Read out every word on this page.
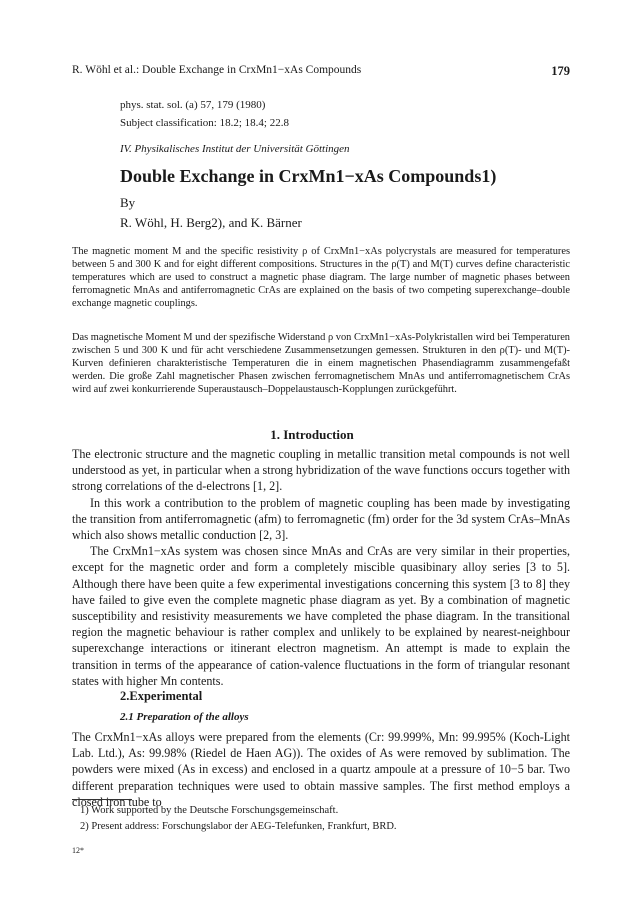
R. Wöhl et al.: Double Exchange in CrxMn1−xAs Compounds	179
phys. stat. sol. (a) 57, 179 (1980)
Subject classification: 18.2; 18.4; 22.8
IV. Physikalisches Institut der Universität Göttingen
Double Exchange in CrxMn1−xAs Compounds1)
By
R. Wöhl, H. Berg2), and K. Bärner

The magnetic moment M and the specific resistivity ρ of CrxMn1−xAs polycrystals are measured for temperatures between 5 and 300 K and for eight different compositions. Structures in the ρ(T) and M(T) curves define characteristic temperatures which are used to construct a magnetic phase diagram. The large number of magnetic phases between ferromagnetic MnAs and antiferromagnetic CrAs are explained on the basis of two competing superexchange–double exchange magnetic couplings.

Das magnetische Moment M und der spezifische Widerstand ρ von CrxMn1−xAs-Polykristallen wird bei Temperaturen zwischen 5 und 300 K und für acht verschiedene Zusammensetzungen gemessen. Strukturen in den ρ(T)- und M(T)-Kurven definieren charakteristische Temperaturen die in einem magnetischen Phasendiagramm zusammengefaßt werden. Die große Zahl magnetischer Phasen zwischen ferromagnetischem MnAs und antiferromagnetischem CrAs wird auf zwei konkurrierende Superaustausch–Doppelaustausch-Kopplungen zurückgeführt.

1. Introduction

The electronic structure and the magnetic coupling in metallic transition metal compounds is not well understood as yet, in particular when a strong hybridization of the wave functions occurs together with strong correlations of the d-electrons [1, 2].

In this work a contribution to the problem of magnetic coupling has been made by investigating the transition from antiferromagnetic (afm) to ferromagnetic (fm) order for the 3d system CrAs–MnAs which also shows metallic conduction [2, 3].

The CrxMn1−xAs system was chosen since MnAs and CrAs are very similar in their properties, except for the magnetic order and form a completely miscible quasibinary alloy series [3 to 5]. Although there have been quite a few experimental investigations concerning this system [3 to 8] they have failed to give even the complete magnetic phase diagram as yet. By a combination of magnetic susceptibility and resistivity measurements we have completed the phase diagram. In the transitional region the magnetic behaviour is rather complex and unlikely to be explained by nearest-neighbour superexchange interactions or itinerant electron magnetism. An attempt is made to explain the transition in terms of the appearance of cation-valence fluctuations in the form of triangular resonant states with higher Mn contents.

2.Experimental
2.1 Preparation of the alloys

The CrxMn1−xAs alloys were prepared from the elements (Cr: 99.999%, Mn: 99.995% (Koch-Light Lab. Ltd.), As: 99.98% (Riedel de Haen AG)). The oxides of As were removed by sublimation. The powders were mixed (As in excess) and enclosed in a quartz ampoule at a pressure of 10−5 bar. Two different preparation techniques were used to obtain massive samples. The first method employs a closed iron tube to

1) Work supported by the Deutsche Forschungsgemeinschaft.
2) Present address: Forschungslabor der AEG-Telefunken, Frankfurt, BRD.
12*
